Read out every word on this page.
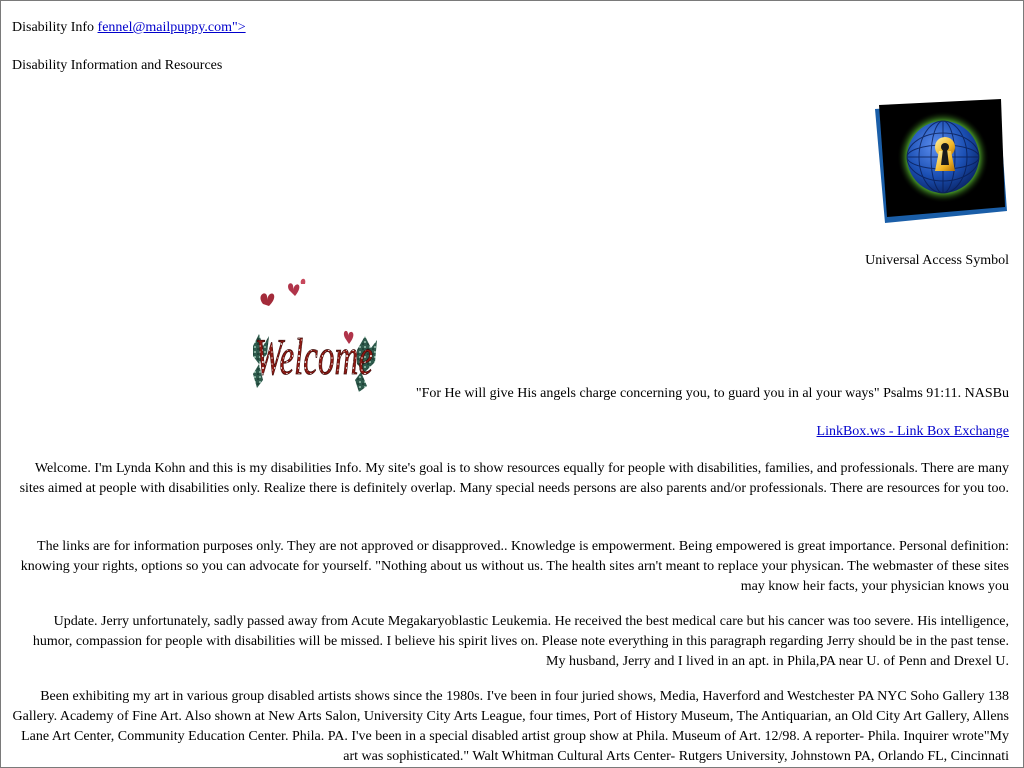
Disability Info fennel@mailpuppy.com">
Disability Information and Resources
Universal Access Symbol
Welcome
"For He will give His angels charge concerning you, to guard you in al your ways" Psalms 91:11. NASBu
LinkBox.ws - Link Box Exchange

Welcome. I'm Lynda Kohn and this is my disabilities Info. My site's goal is to show resources equally for people with disabilities, families, and professionals. There are many sites aimed at people with disabilities only. Realize there is definitely overlap. Many special needs persons are also parents and/or professionals. There are resources for you too.

The links are for information purposes only. They are not approved or disapproved.. Knowledge is empowerment. Being empowered is great importance. Personal definition: knowing your rights, options so you can advocate for yourself. "Nothing about us without us. The health sites arn't meant to replace your physican. The webmaster of these sites may know heir facts, your physician knows you

Update. Jerry unfortunately, sadly passed away from Acute Megakaryoblastic Leukemia. He received the best medical care but his cancer was too severe. His intelligence, humor, compassion for people with disabilities will be missed. I believe his spirit lives on. Please note everything in this paragraph regarding Jerry should be in the past tense. My husband, Jerry and I lived in an apt. in Phila,PA near U. of Penn and Drexel U.

Been exhibiting my art in various group disabled artists shows since the 1980s. I've been in four juried shows, Media, Haverford and Westchester PA NYC Soho Gallery 138 Gallery. Academy of Fine Art. Also shown at New Arts Salon, University City Arts League, four times, Port of History Museum, The Antiquarian, an Old City Art Gallery, Allens Lane Art Center, Community Education Center. Phila. PA. I've been in a special disabled artist group show at Phila. Museum of Art. 12/98. A reporter- Phila. Inquirer wrote"My art was sophisticated." Walt Whitman Cultural Arts Center- Rutgers University, Johnstown PA, Orlando FL, Cincinnati
